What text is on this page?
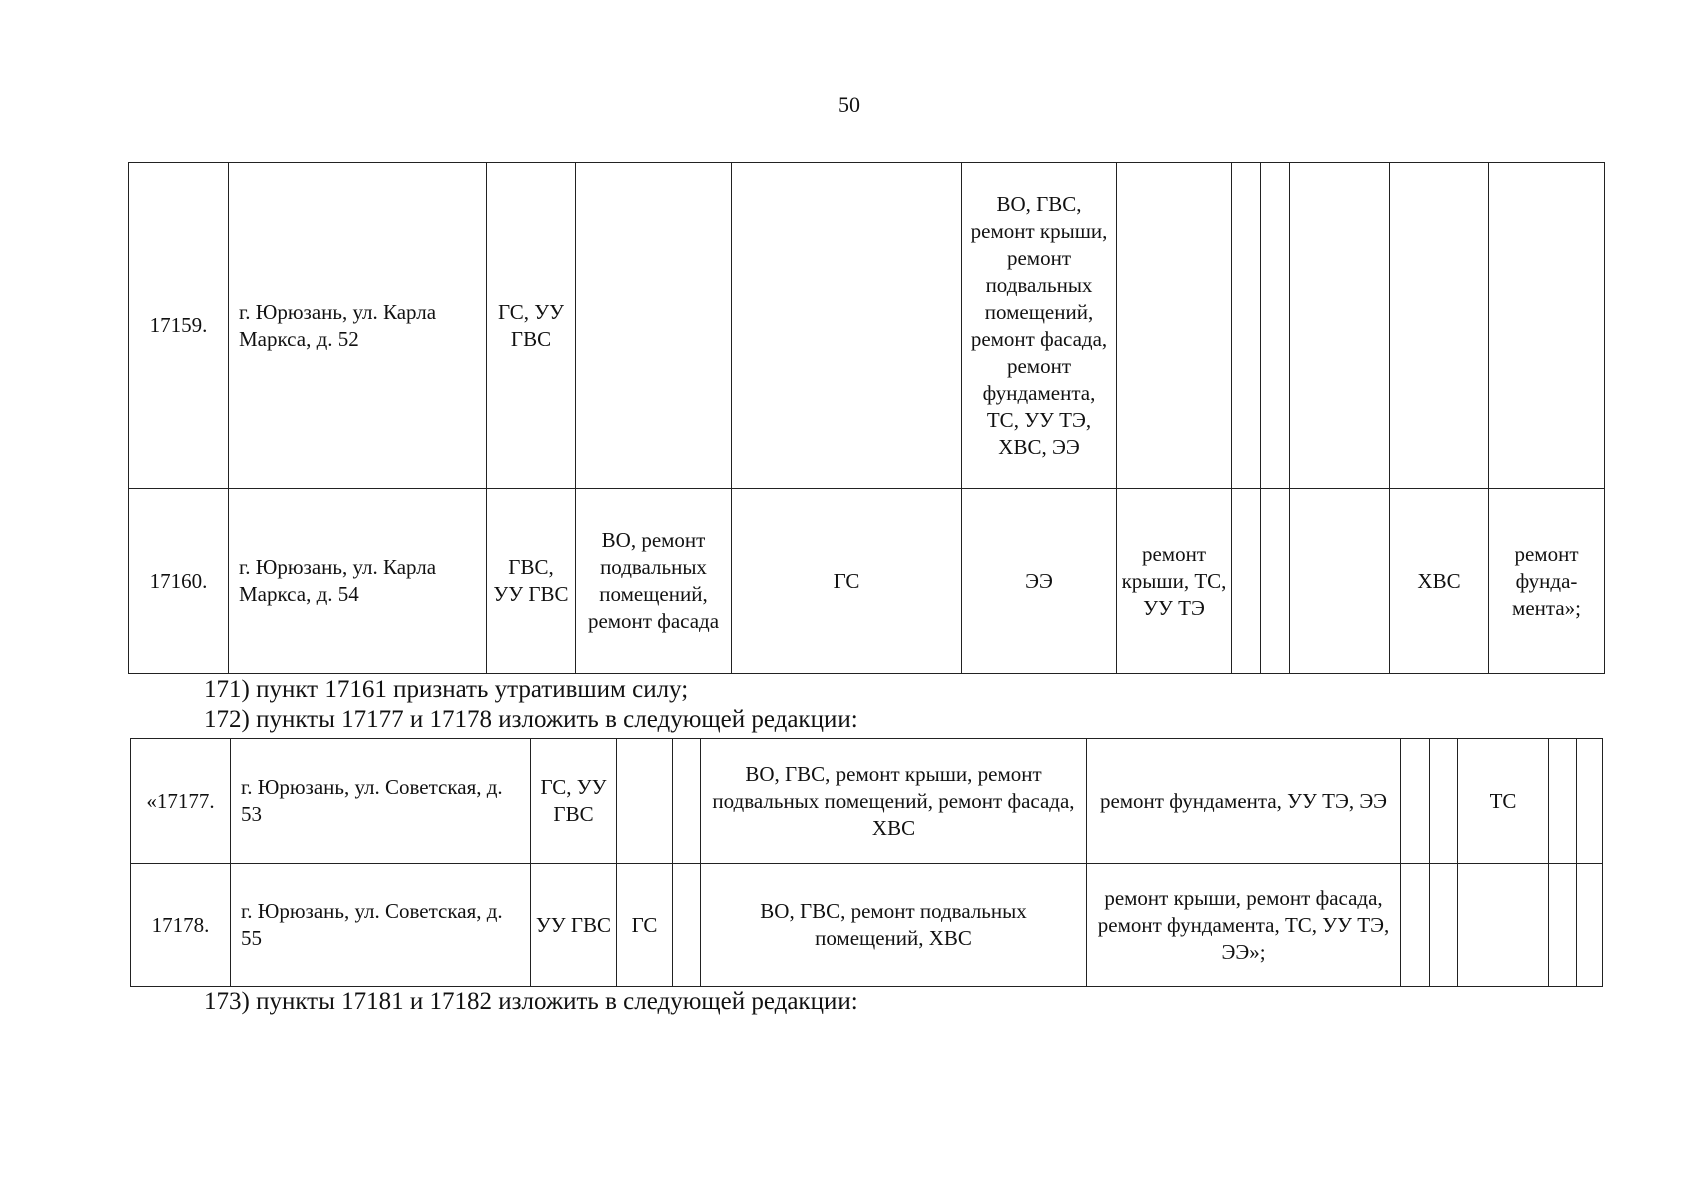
50
17159.	г. Юрюзань, ул. Карла Маркса, д. 52	ГС, УУ ГВС			ВО, ГВС, ремонт крыши, ремонт подвальных помещений, ремонт фасада, ремонт фундамента, ТС, УУ ТЭ, ХВС, ЭЭ						
17160.	г. Юрюзань, ул. Карла Маркса, д. 54	ГВС, УУ ГВС	ВО, ремонт подвальных помещений, ремонт фасада	ГС	ЭЭ	ремонт крыши, ТС, УУ ТЭ				ХВС	ремонт фунда-мента»;
171) пункт 17161 признать утратившим силу;
172) пункты 17177 и 17178 изложить в следующей редакции:
«17177.	г. Юрюзань, ул. Советская, д. 53	ГС, УУ ГВС			ВО, ГВС, ремонт крыши, ремонт подвальных помещений, ремонт фасада, ХВС	ремонт фундамента, УУ ТЭ, ЭЭ			ТС		
17178.	г. Юрюзань, ул. Советская, д. 55	УУ ГВС	ГС		ВО, ГВС, ремонт подвальных помещений, ХВС	ремонт крыши, ремонт фасада, ремонт фундамента, ТС, УУ ТЭ, ЭЭ»;					
173) пункты 17181 и 17182 изложить в следующей редакции:
